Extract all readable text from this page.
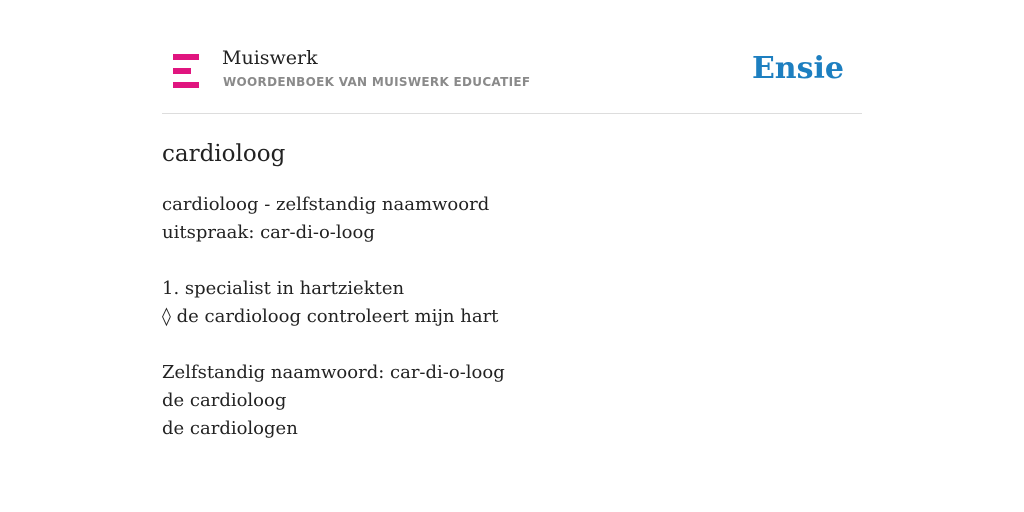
Muiswerk
WOORDENBOEK VAN MUISWERK EDUCATIEF	Ensie
cardioloog
cardioloog - zelfstandig naamwoord
uitspraak: car-di-o-loog
1. specialist in hartziekten
◊ de cardioloog controleert mijn hart
Zelfstandig naamwoord: car-di-o-loog
de cardioloog
de cardiologen
